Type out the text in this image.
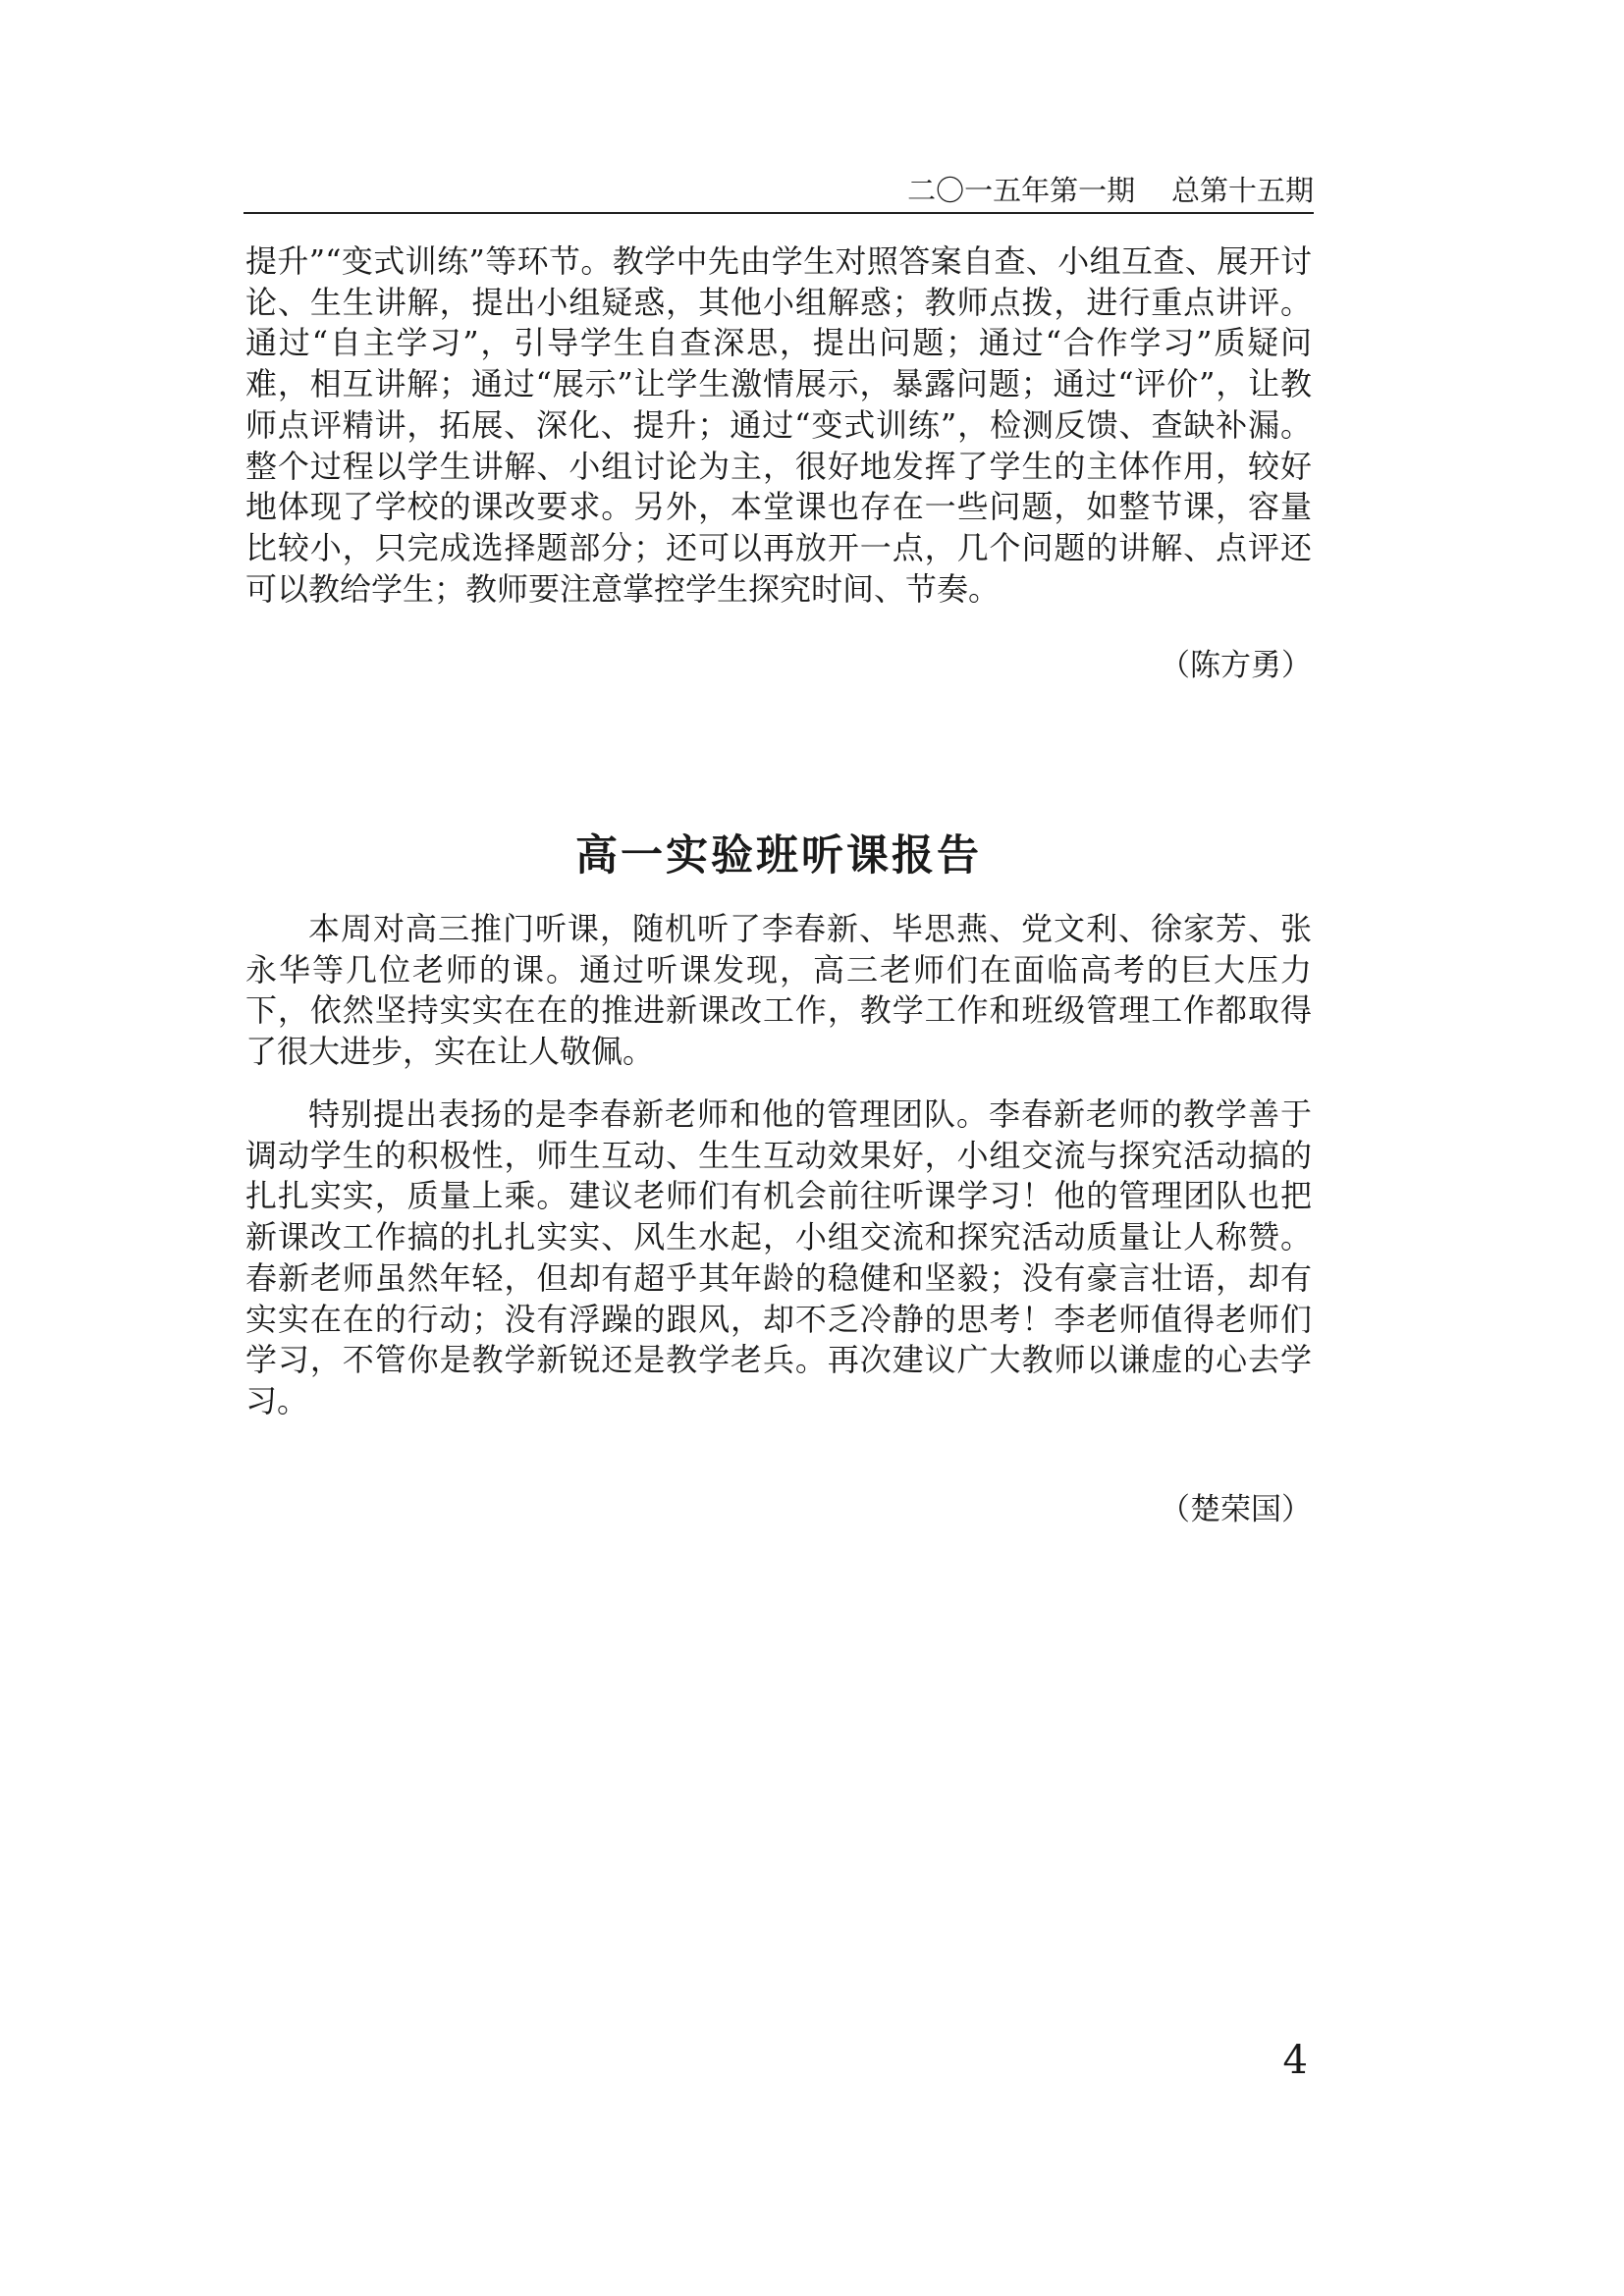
二〇一五年第一期 总第十五期

提升”“变式训练”等环节。教学中先由学生对照答案自查、小组互查、展开讨论、生生讲解，提出小组疑惑，其他小组解惑；教师点拨，进行重点讲评。通过“自主学习”，引导学生自查深思，提出问题；通过“合作学习”质疑问难，相互讲解；通过“展示”让学生激情展示，暴露问题；通过“评价”，让教师点评精讲，拓展、深化、提升；通过“变式训练”，检测反馈、查缺补漏。整个过程以学生讲解、小组讨论为主，很好地发挥了学生的主体作用，较好地体现了学校的课改要求。另外，本堂课也存在一些问题，如整节课，容量比较小，只完成选择题部分；还可以再放开一点，几个问题的讲解、点评还可以教给学生；教师要注意掌控学生探究时间、节奏。

（陈方勇）
高一实验班听课报告

本周对高三推门听课，随机听了李春新、毕思燕、党文利、徐家芳、张永华等几位老师的课。通过听课发现，高三老师们在面临高考的巨大压力下，依然坚持实实在在的推进新课改工作，教学工作和班级管理工作都取得了很大进步，实在让人敬佩。

特别提出表扬的是李春新老师和他的管理团队。李春新老师的教学善于调动学生的积极性，师生互动、生生互动效果好，小组交流与探究活动搞的扎扎实实，质量上乘。建议老师们有机会前往听课学习！他的管理团队也把新课改工作搞的扎扎实实、风生水起，小组交流和探究活动质量让人称赞。春新老师虽然年轻，但却有超乎其年龄的稳健和坚毅；没有豪言壮语，却有实实在在的行动；没有浮躁的跟风，却不乏冷静的思考！李老师值得老师们学习，不管你是教学新锐还是教学老兵。再次建议广大教师以谦虚的心去学习。

（楚荣国）
4
